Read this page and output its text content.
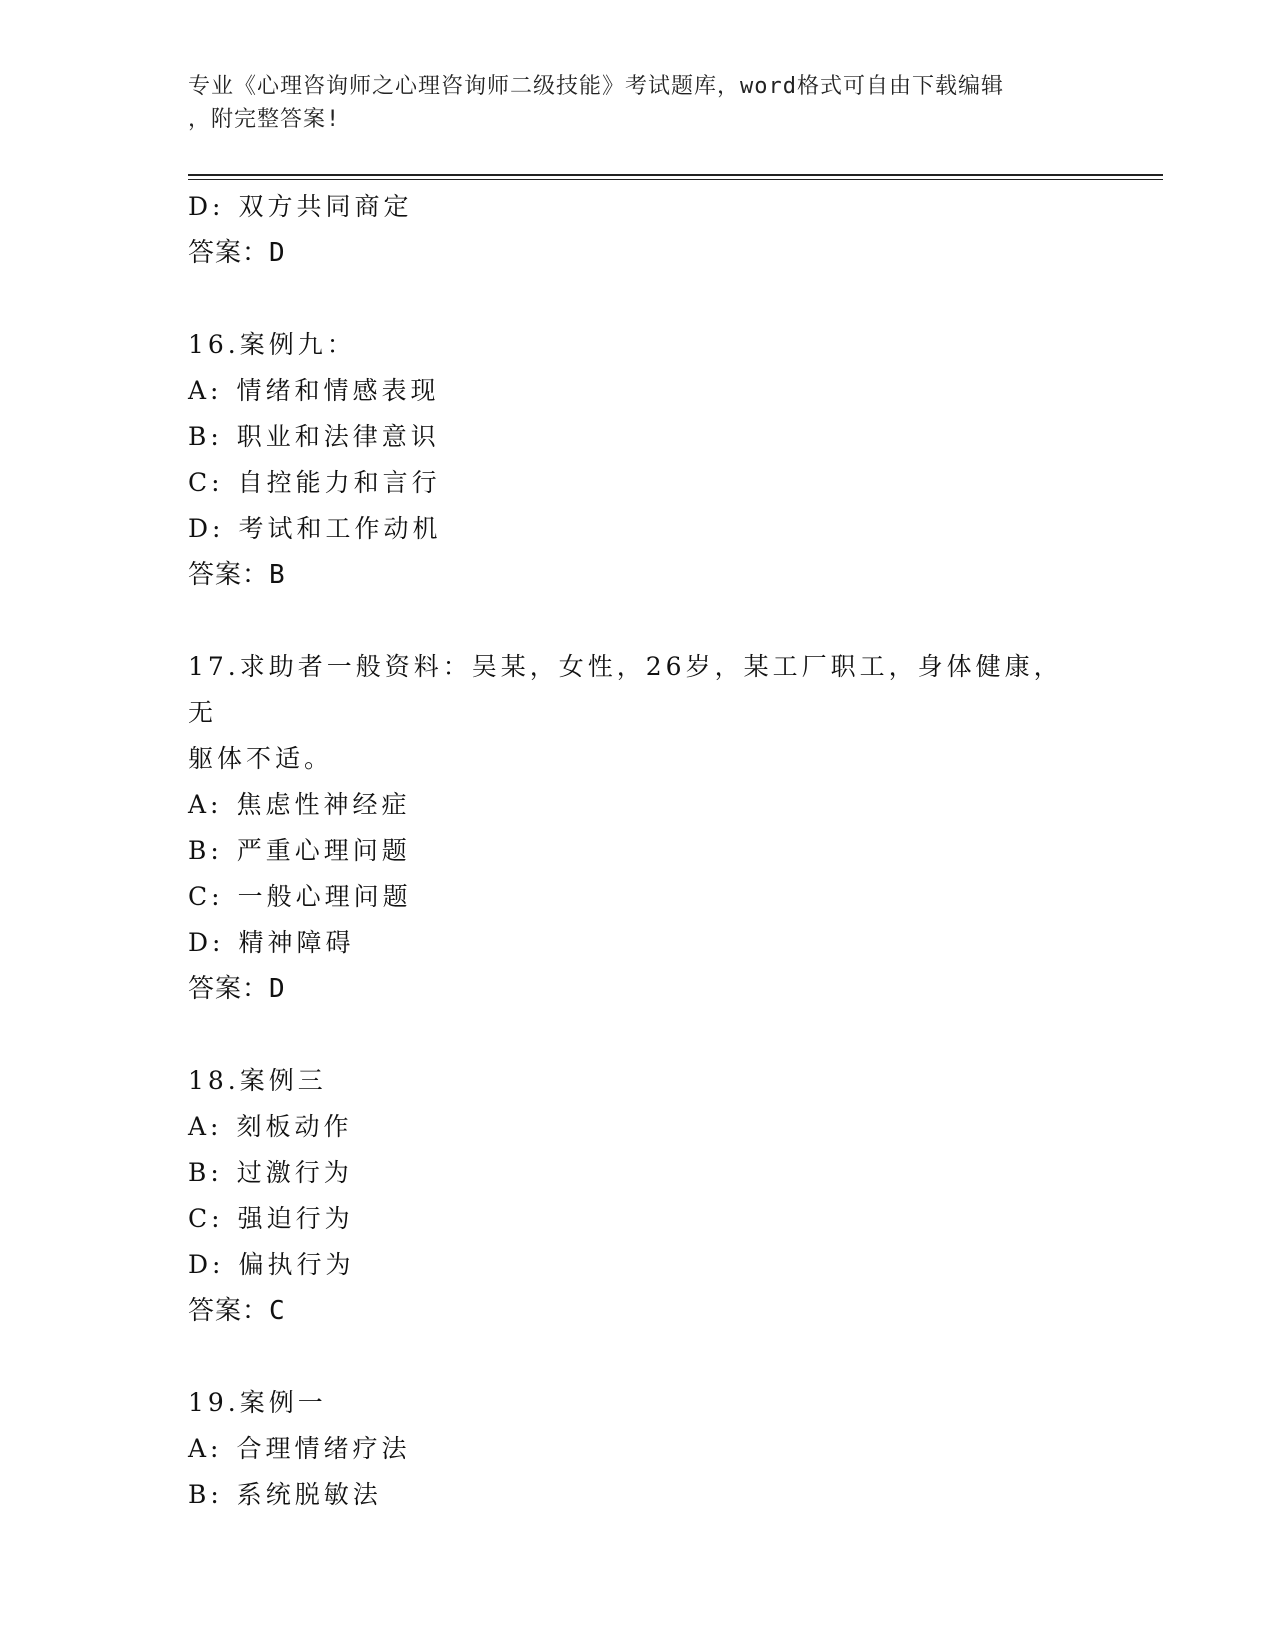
专业《心理咨询师之心理咨询师二级技能》考试题库，word格式可自由下载编辑
，附完整答案!
D: 双方共同商定
答案：D
16.案例九：
A: 情绪和情感表现
B: 职业和法律意识
C: 自控能力和言行
D: 考试和工作动机
答案：B
17.求助者一般资料：吴某，女性，26岁，某工厂职工，身体健康，无
躯体不适。
A: 焦虑性神经症
B: 严重心理问题
C: 一般心理问题
D: 精神障碍
答案：D
18.案例三
A: 刻板动作
B: 过激行为
C: 强迫行为
D: 偏执行为
答案：C
19.案例一
A: 合理情绪疗法
B: 系统脱敏法
